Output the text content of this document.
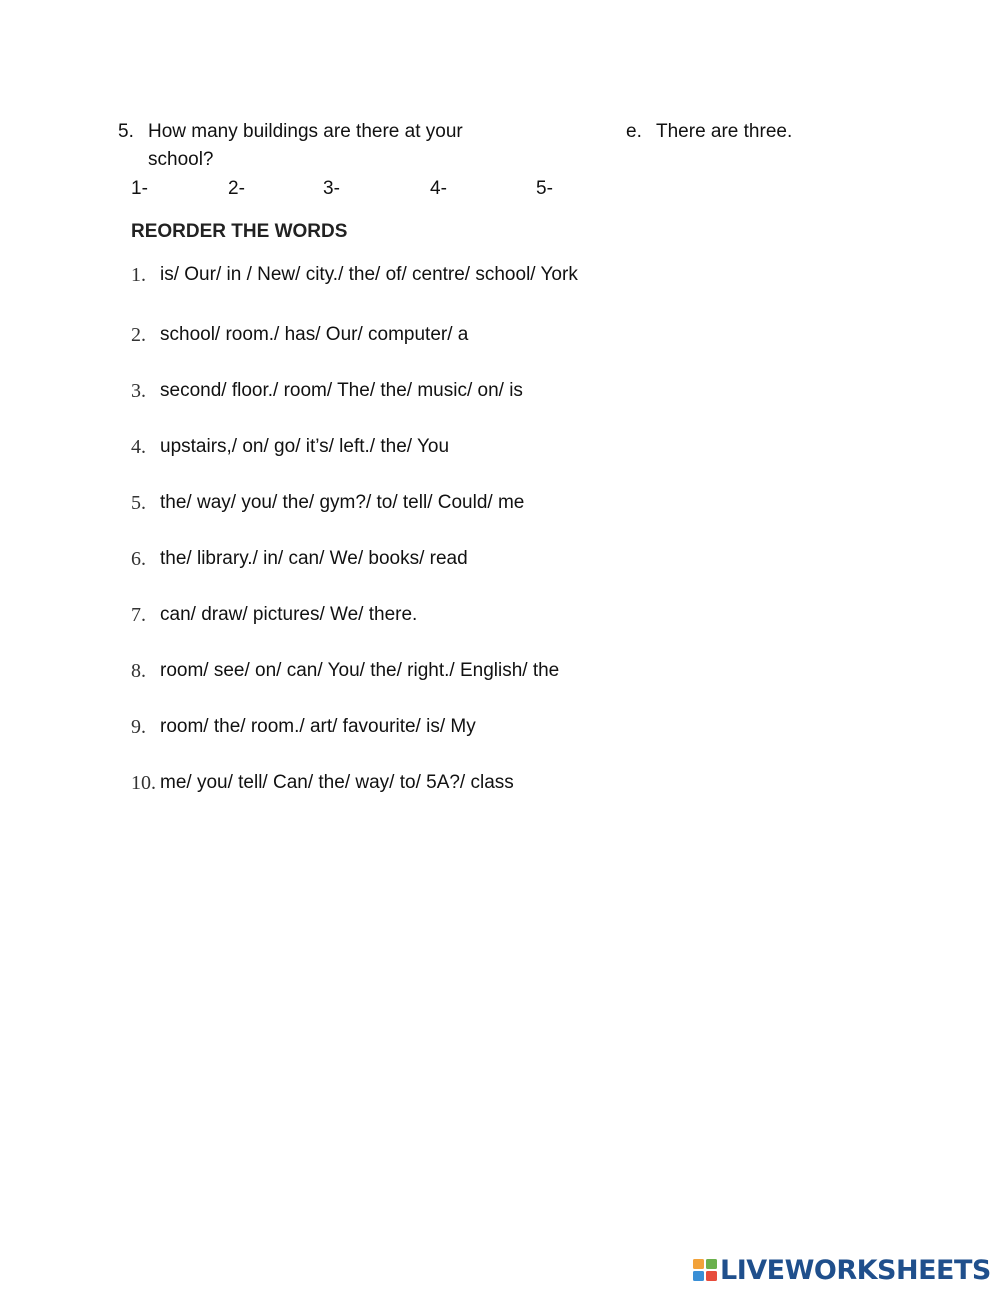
5. How many buildings are there at your
school?
e. There are three.
1-	2-	3-	4-	5-
REORDER THE WORDS
1. is/ Our/ in / New/ city./ the/ of/ centre/ school/ York
2. school/ room./ has/ Our/ computer/ a
3. second/ floor./ room/ The/ the/ music/ on/ is
4. upstairs,/ on/ go/ it’s/ left./ the/ You
5. the/ way/ you/ the/ gym?/ to/ tell/ Could/ me
6. the/ library./ in/ can/ We/ books/ read
7. can/ draw/ pictures/ We/ there.
8. room/ see/ on/ can/ You/ the/ right./ English/ the
9. room/ the/ room./ art/ favourite/ is/ My
10. me/ you/ tell/ Can/ the/ way/ to/ 5A?/ class
LIVEWORKSHEETS
